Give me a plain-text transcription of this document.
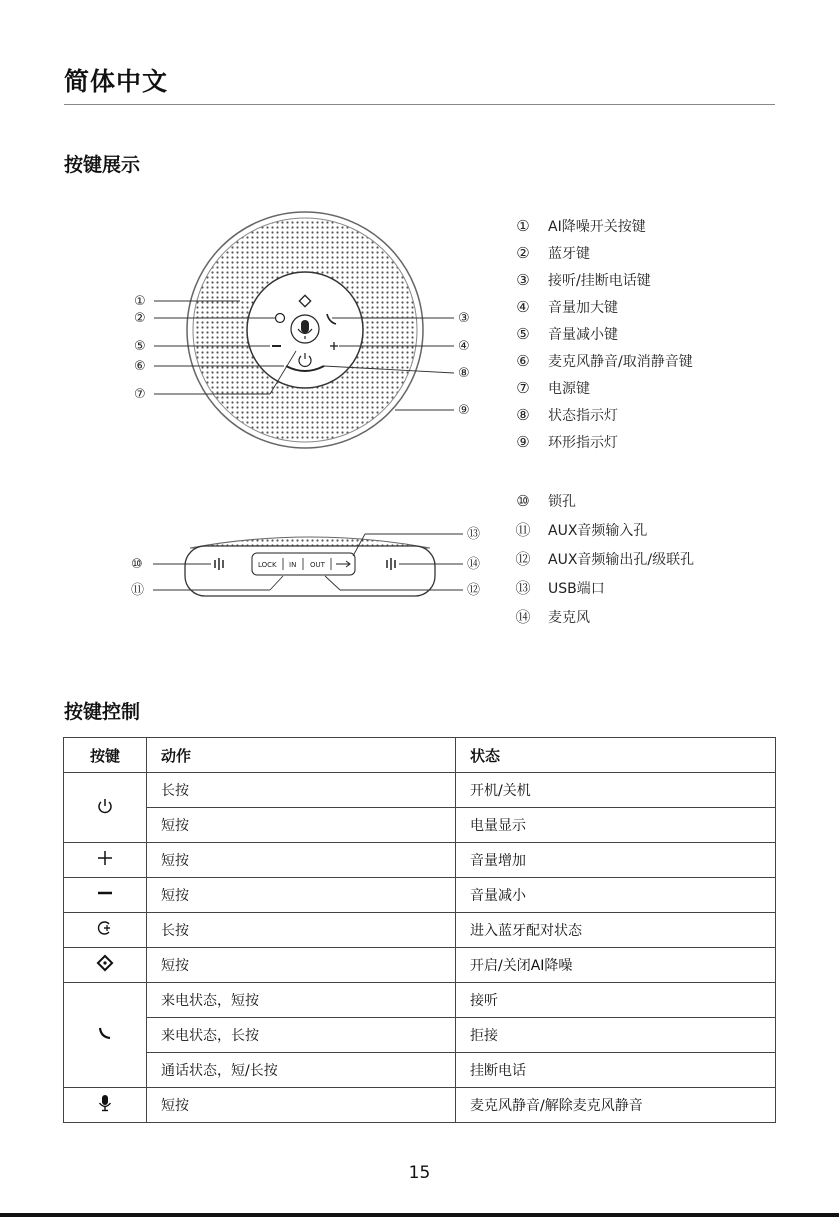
简体中文
按键展示
①
②
⑤
⑥
⑦
③
④
⑧
⑨
LOCK IN OUT
⑩
⑪
⑬
⑭
⑫
①	AI降噪开关按键
②	蓝牙键
③	接听/挂断电话键
④	音量加大键
⑤	音量减小键
⑥	麦克风静音/取消静音键
⑦	电源键
⑧	状态指示灯
⑨	环形指示灯
⑩	锁孔
⑪ AUX音频输入孔
⑫ AUX音频输出孔/级联孔
⑬ USB端口
⑭ 麦克风
按键控制
按键	动作	状态
	长按	开机/关机
	短按	电量显示
	短按	音量增加
	短按	音量减小
	长按	进入蓝牙配对状态
	短按	开启/关闭AI降噪
	来电状态，短按	接听
	来电状态，长按	拒接
	通话状态，短/长按	挂断电话
	短按	麦克风静音/解除麦克风静音
15
